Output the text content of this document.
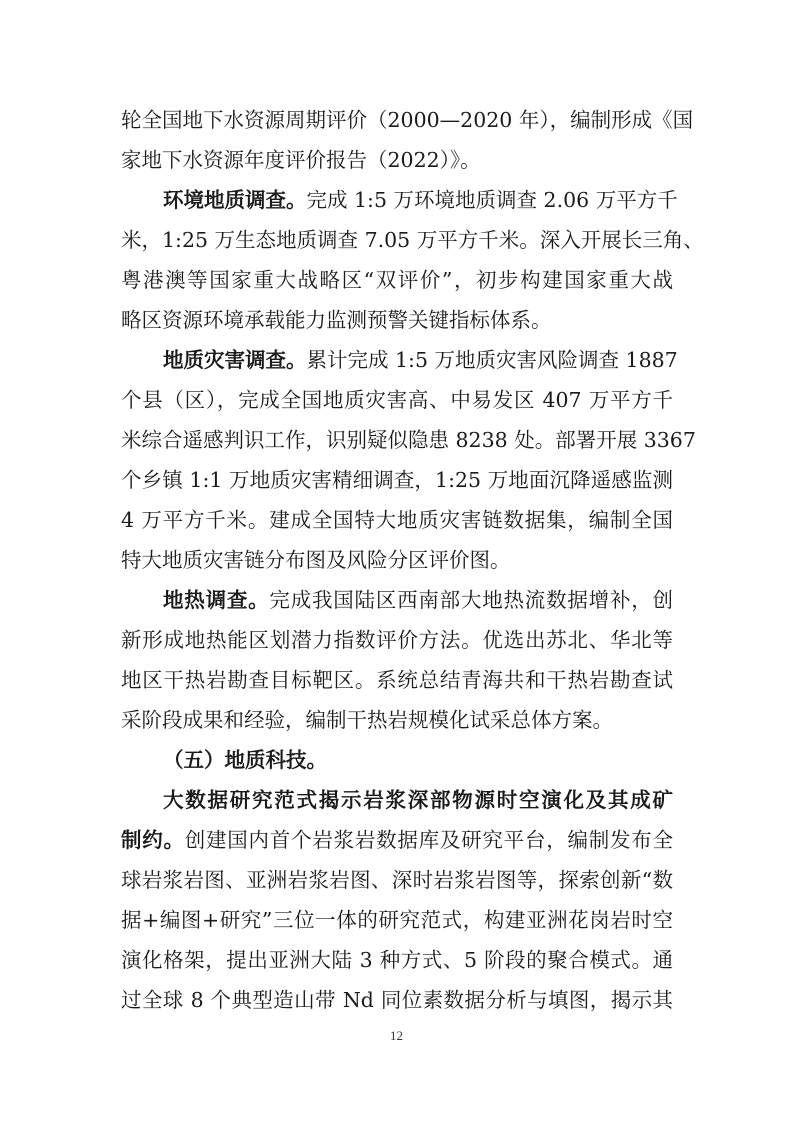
轮全国地下水资源周期评价（2000—2020 年），编制形成《国
家地下水资源年度评价报告（2022）》。
环境地质调查。完成 1:5 万环境地质调查 2.06 万平方千
米，1:25 万生态地质调查 7.05 万平方千米。深入开展长三角、
粤港澳等国家重大战略区“双评价”，初步构建国家重大战
略区资源环境承载能力监测预警关键指标体系。
地质灾害调查。累计完成 1:5 万地质灾害风险调查 1887
个县（区），完成全国地质灾害高、中易发区 407 万平方千
米综合遥感判识工作，识别疑似隐患 8238 处。部署开展 3367
个乡镇 1:1 万地质灾害精细调查，1:25 万地面沉降遥感监测
4 万平方千米。建成全国特大地质灾害链数据集，编制全国
特大地质灾害链分布图及风险分区评价图。
地热调查。完成我国陆区西南部大地热流数据增补，创
新形成地热能区划潜力指数评价方法。优选出苏北、华北等
地区干热岩勘查目标靶区。系统总结青海共和干热岩勘查试
采阶段成果和经验，编制干热岩规模化试采总体方案。
（五）地质科技。
大数据研究范式揭示岩浆深部物源时空演化及其成矿
制约。创建国内首个岩浆岩数据库及研究平台，编制发布全
球岩浆岩图、亚洲岩浆岩图、深时岩浆岩图等，探索创新“数
据+编图+研究”三位一体的研究范式，构建亚洲花岗岩时空
演化格架，提出亚洲大陆 3 种方式、5 阶段的聚合模式。通
过全球 8 个典型造山带 Nd 同位素数据分析与填图，揭示其
12
